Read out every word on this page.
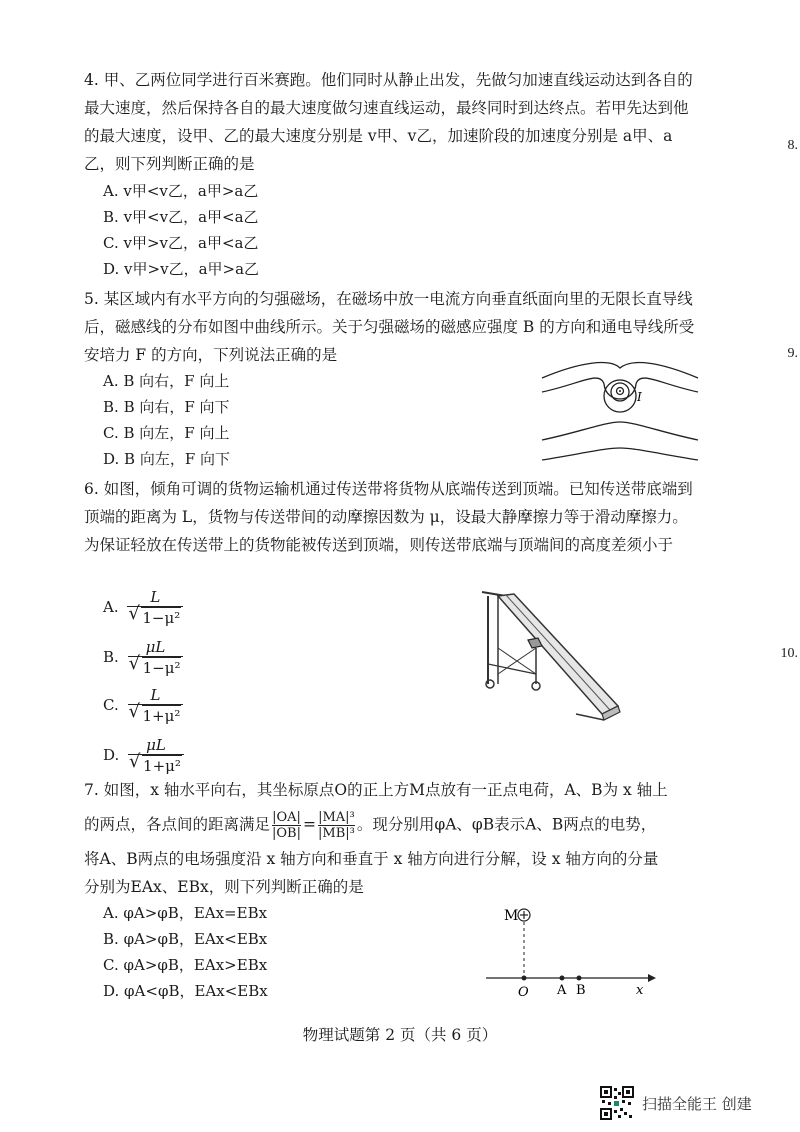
4. 甲、乙两位同学进行百米赛跑。他们同时从静止出发，先做匀加速直线运动达到各自的最大速度，然后保持各自的最大速度做匀速直线运动，最终同时到达终点。若甲先达到他的最大速度，设甲、乙的最大速度分别是 v甲、v乙，加速阶段的加速度分别是 a甲、a乙，则下列判断正确的是
A. v甲<v乙，a甲>a乙
B. v甲<v乙，a甲<a乙
C. v甲>v乙，a甲<a乙
D. v甲>v乙，a甲>a乙
5. 某区域内有水平方向的匀强磁场，在磁场中放一电流方向垂直纸面向里的无限长直导线后，磁感线的分布如图中曲线所示。关于匀强磁场的磁感应强度 B 的方向和通电导线所受安培力 F 的方向，下列说法正确的是
A. B 向右，F 向上
B. B 向右，F 向下
C. B 向左，F 向上
D. B 向左，F 向下
I
6. 如图，倾角可调的货物运输机通过传送带将货物从底端传送到顶端。已知传送带底端到顶端的距离为 L，货物与传送带间的动摩擦因数为 μ，设最大静摩擦力等于滑动摩擦力。为保证轻放在传送带上的货物能被传送到顶端，则传送带底端与顶端间的高度差须小于
A. L
√ 1−μ²
B. μL
√ 1−μ²
C. L
√ 1+μ²
D. μL
√ 1+μ²
7. 如图，x 轴水平向右，其坐标原点O的正上方M点放有一正点电荷，A、B为 x 轴上
的两点，各点间的距离满足 $\frac{|OA|}{|OB|} = \frac{\text{|MA|³}}{\text{|MB|³}}$ 。现分别用φA、φB表示A、B两点的电势，
将A、B两点的电场强度沿 x 轴方向和垂直于 x 轴方向进行分解，设 x 轴方向的分量
分别为EAx、EBx，则下列判断正确的是
A. φA>φB，EAx=EBx
B. φA>φB，EAx<EBx
C. φA>φB，EAx>EBx
D. φA<φB，EAx<EBx
M
O A B	x
8.
9.
10.
物理试题第 2 页（共 6 页）
扫描全能王 创建
